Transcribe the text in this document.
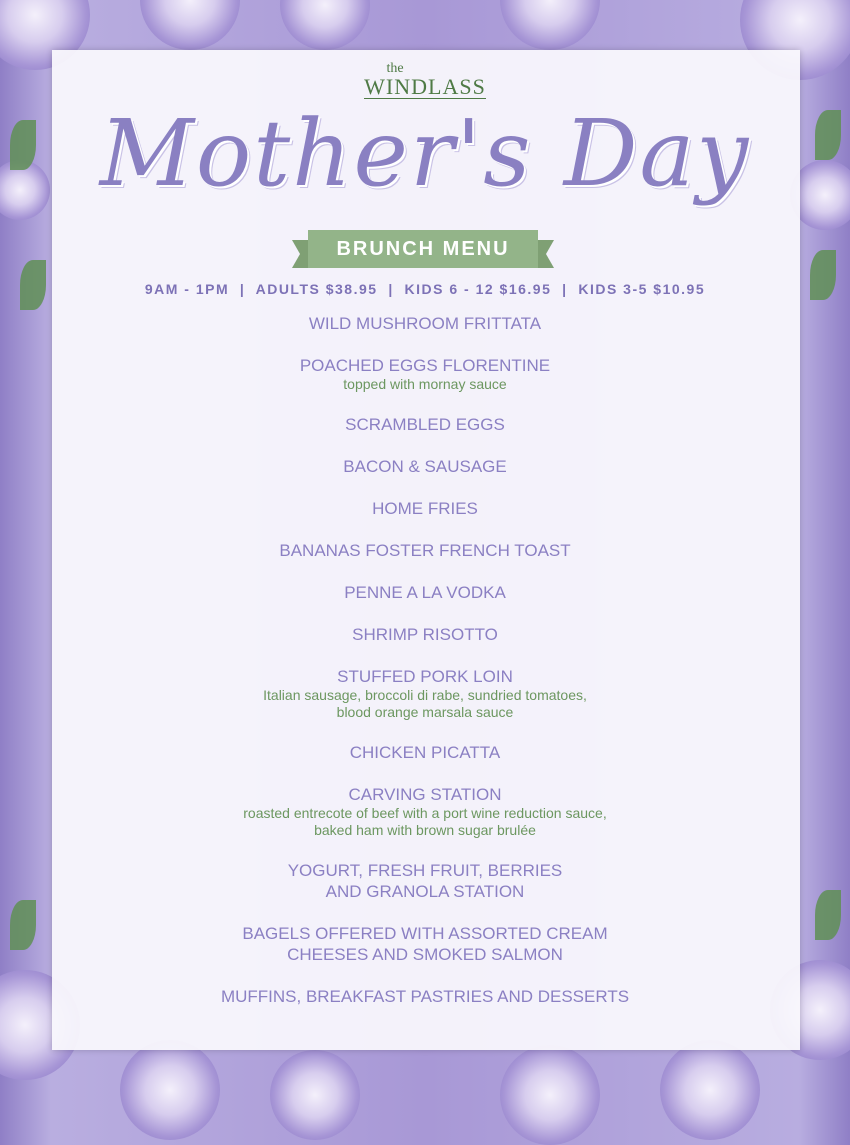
the
WINDLASS
Mother's Day
BRUNCH MENU
9AM - 1PM  |  ADULTS $38.95  |  KIDS 6 - 12 $16.95  |  KIDS 3-5 $10.95
WILD MUSHROOM FRITTATA
POACHED EGGS FLORENTINE
topped with mornay sauce
SCRAMBLED EGGS
BACON & SAUSAGE
HOME FRIES
BANANAS FOSTER FRENCH TOAST
PENNE A LA VODKA
SHRIMP RISOTTO
STUFFED PORK LOIN
Italian sausage, broccoli di rabe, sundried tomatoes,
blood orange marsala sauce
CHICKEN PICATTA
CARVING STATION
roasted entrecote of beef with a port wine reduction sauce,
baked ham with brown sugar brulée
YOGURT, FRESH FRUIT, BERRIES
AND GRANOLA STATION
BAGELS OFFERED WITH ASSORTED CREAM
CHEESES AND SMOKED SALMON
MUFFINS, BREAKFAST PASTRIES AND DESSERTS
